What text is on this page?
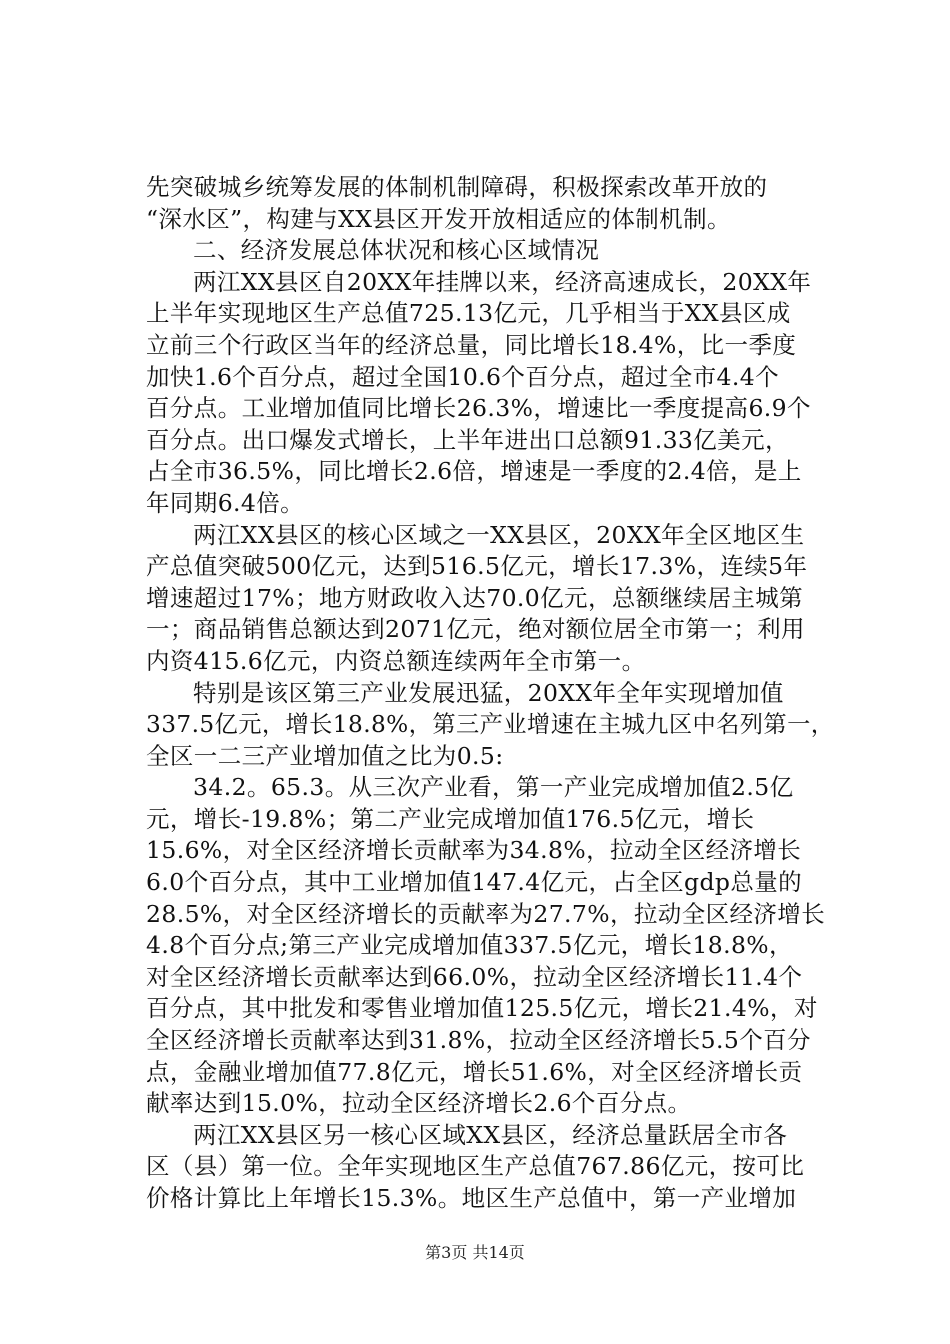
先突破城乡统筹发展的体制机制障碍，积极探索改革开放的
“深水区”，构建与XX县区开发开放相适应的体制机制。
二、经济发展总体状况和核心区域情况
两江XX县区自20XX年挂牌以来，经济高速成长，20XX年
上半年实现地区生产总值725.13亿元，几乎相当于XX县区成
立前三个行政区当年的经济总量，同比增长18.4%，比一季度
加快1.6个百分点，超过全国10.6个百分点，超过全市4.4个
百分点。工业增加值同比增长26.3%，增速比一季度提高6.9个
百分点。出口爆发式增长，上半年进出口总额91.33亿美元，
占全市36.5%，同比增长2.6倍，增速是一季度的2.4倍，是上
年同期6.4倍。
两江XX县区的核心区域之一XX县区，20XX年全区地区生
产总值突破500亿元，达到516.5亿元，增长17.3%，连续5年
增速超过17%；地方财政收入达70.0亿元，总额继续居主城第
一；商品销售总额达到2071亿元，绝对额位居全市第一；利用
内资415.6亿元，内资总额连续两年全市第一。
特别是该区第三产业发展迅猛，20XX年全年实现增加值
337.5亿元，增长18.8%，第三产业增速在主城九区中名列第一，
全区一二三产业增加值之比为0.5:
34.2。65.3。从三次产业看，第一产业完成增加值2.5亿
元，增长-19.8%；第二产业完成增加值176.5亿元，增长
15.6%，对全区经济增长贡献率为34.8%，拉动全区经济增长
6.0个百分点，其中工业增加值147.4亿元，占全区gdp总量的
28.5%，对全区经济增长的贡献率为27.7%，拉动全区经济增长
4.8个百分点;第三产业完成增加值337.5亿元，增长18.8%，
对全区经济增长贡献率达到66.0%，拉动全区经济增长11.4个
百分点，其中批发和零售业增加值125.5亿元，增长21.4%，对
全区经济增长贡献率达到31.8%，拉动全区经济增长5.5个百分
点，金融业增加值77.8亿元，增长51.6%，对全区经济增长贡
献率达到15.0%，拉动全区经济增长2.6个百分点。
两江XX县区另一核心区域XX县区，经济总量跃居全市各
区（县）第一位。全年实现地区生产总值767.86亿元，按可比
价格计算比上年增长15.3%。地区生产总值中，第一产业增加
第3页 共14页
